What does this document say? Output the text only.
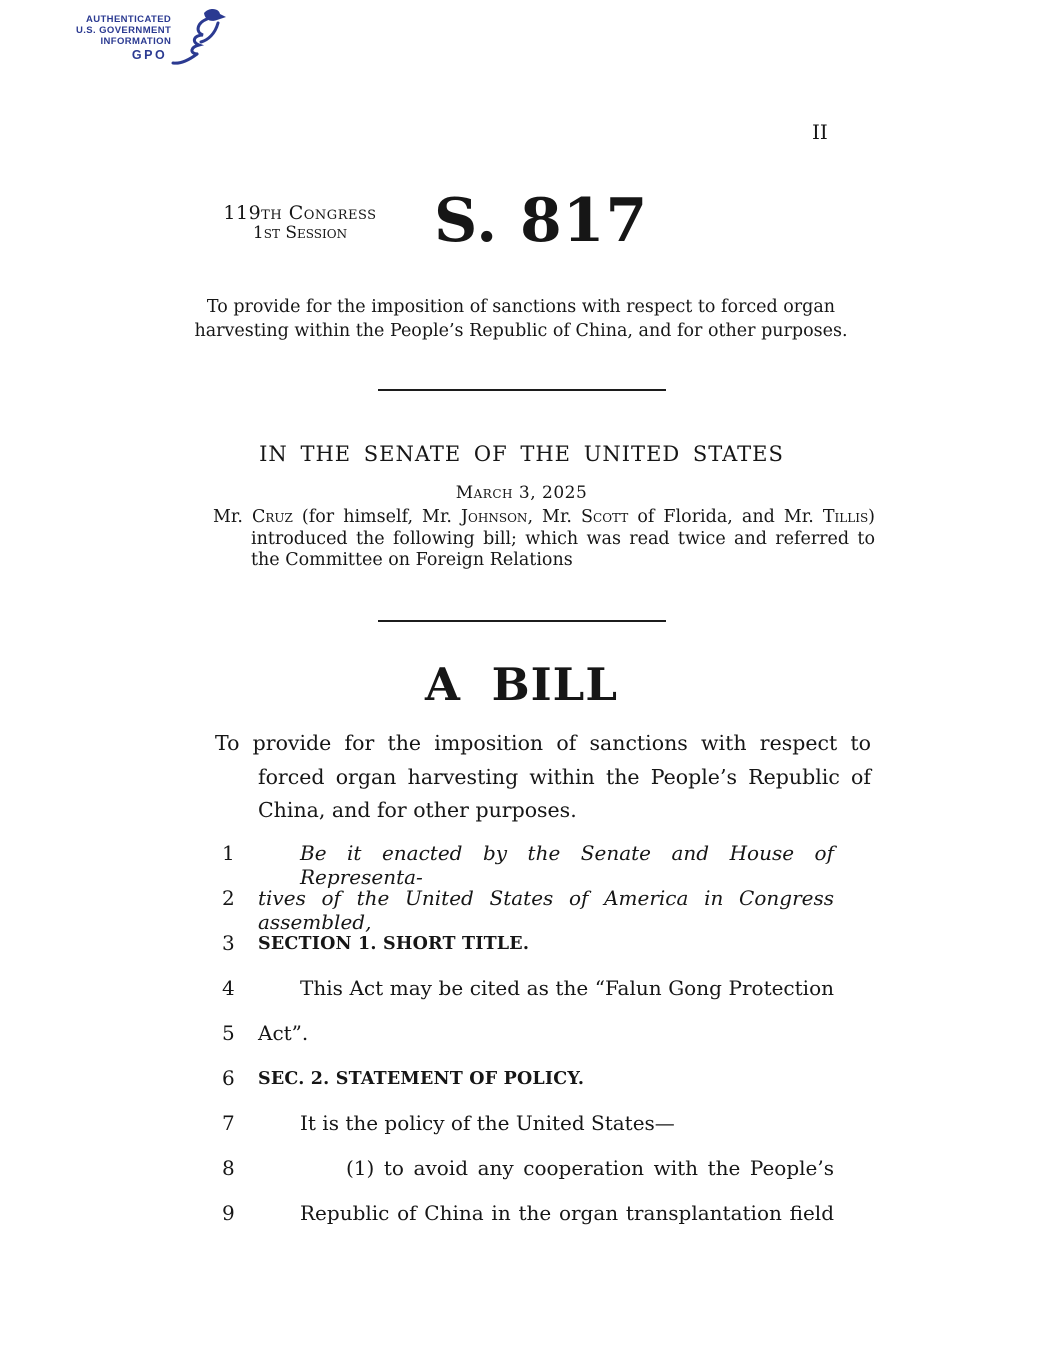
AUTHENTICATED
U.S. GOVERNMENT
INFORMATION
GPO
II
119th Congress
1st Session	S. 817
To provide for the imposition of sanctions with respect to forced organ harvesting within the People’s Republic of China, and for other purposes.
IN THE SENATE OF THE UNITED STATES
March 3, 2025

Mr. Cruz (for himself, Mr. Johnson, Mr. Scott of Florida, and Mr. Tillis) introduced the following bill; which was read twice and referred to the Committee on Foreign Relations

A BILL

To provide for the imposition of sanctions with respect to forced organ harvesting within the People’s Republic of China, and for other purposes.

1	Be it enacted by the Senate and House of Representa-
2	tives of the United States of America in Congress assembled,
3	SECTION 1. SHORT TITLE.
4	This Act may be cited as the “Falun Gong Protection
5	Act”.
6	SEC. 2. STATEMENT OF POLICY.
7	It is the policy of the United States—
8	(1) to avoid any cooperation with the People’s
9	Republic of China in the organ transplantation field
